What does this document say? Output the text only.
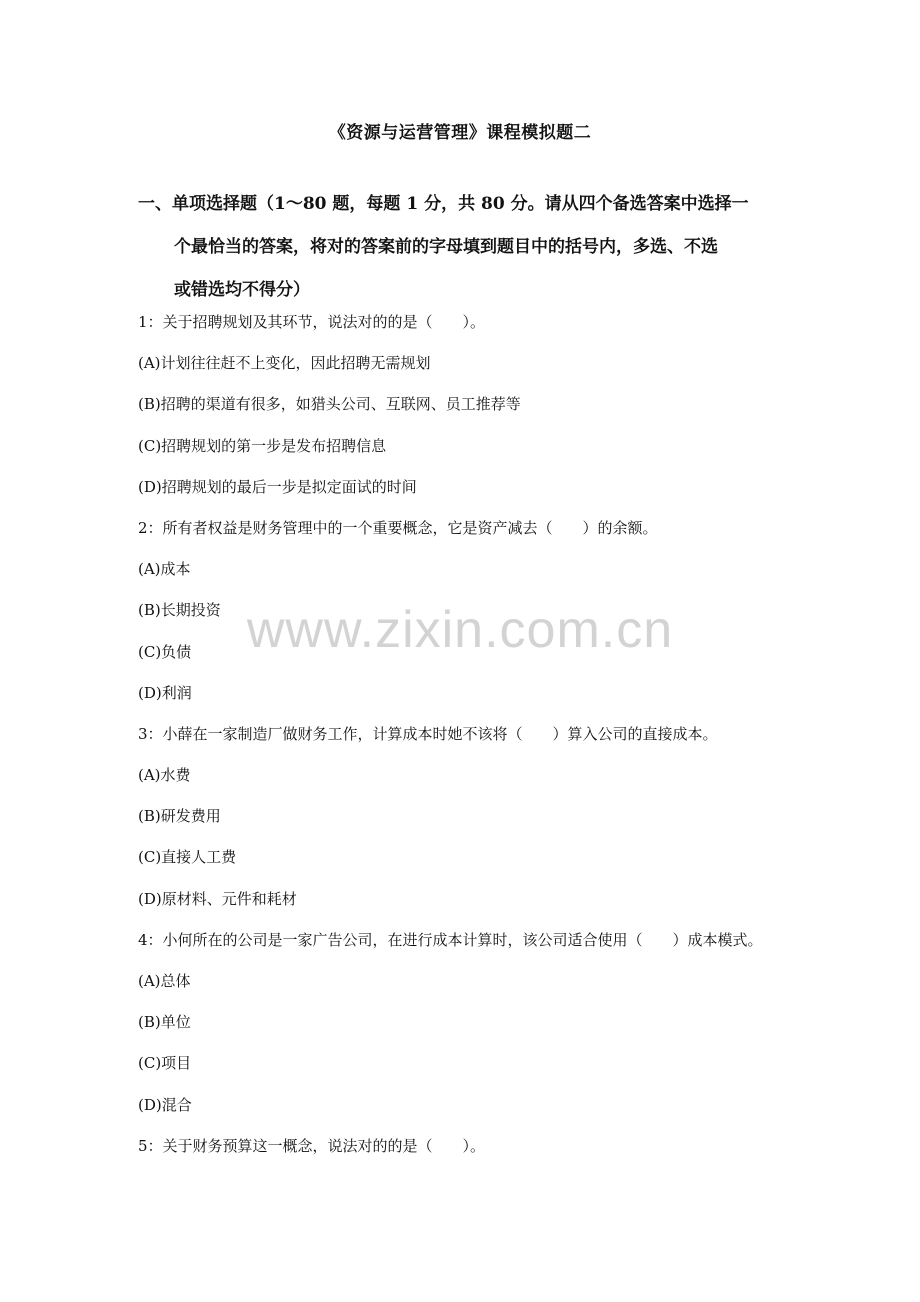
《资源与运营管理》课程模拟题二
一、单项选择题（1～80 题，每题 1 分，共 80 分。请从四个备选答案中选择一
个最恰当的答案，将对的答案前的字母填到题目中的括号内，多选、不选
或错选均不得分）
1：关于招聘规划及其环节，说法对的的是（　　）。
(A)计划往往赶不上变化，因此招聘无需规划
(B)招聘的渠道有很多，如猎头公司、互联网、员工推荐等
(C)招聘规划的第一步是发布招聘信息
(D)招聘规划的最后一步是拟定面试的时间
2：所有者权益是财务管理中的一个重要概念，它是资产减去（　　）的余额。
(A)成本
(B)长期投资
(C)负债
(D)利润
3：小薛在一家制造厂做财务工作，计算成本时她不该将（　　）算入公司的直接成本。
(A)水费
(B)研发费用
(C)直接人工费
(D)原材料、元件和耗材
4：小何所在的公司是一家广告公司，在进行成本计算时，该公司适合使用（　　）成本模式。
(A)总体
(B)单位
(C)项目
(D)混合
5：关于财务预算这一概念，说法对的的是（　　）。
www.zixin.com.cn
